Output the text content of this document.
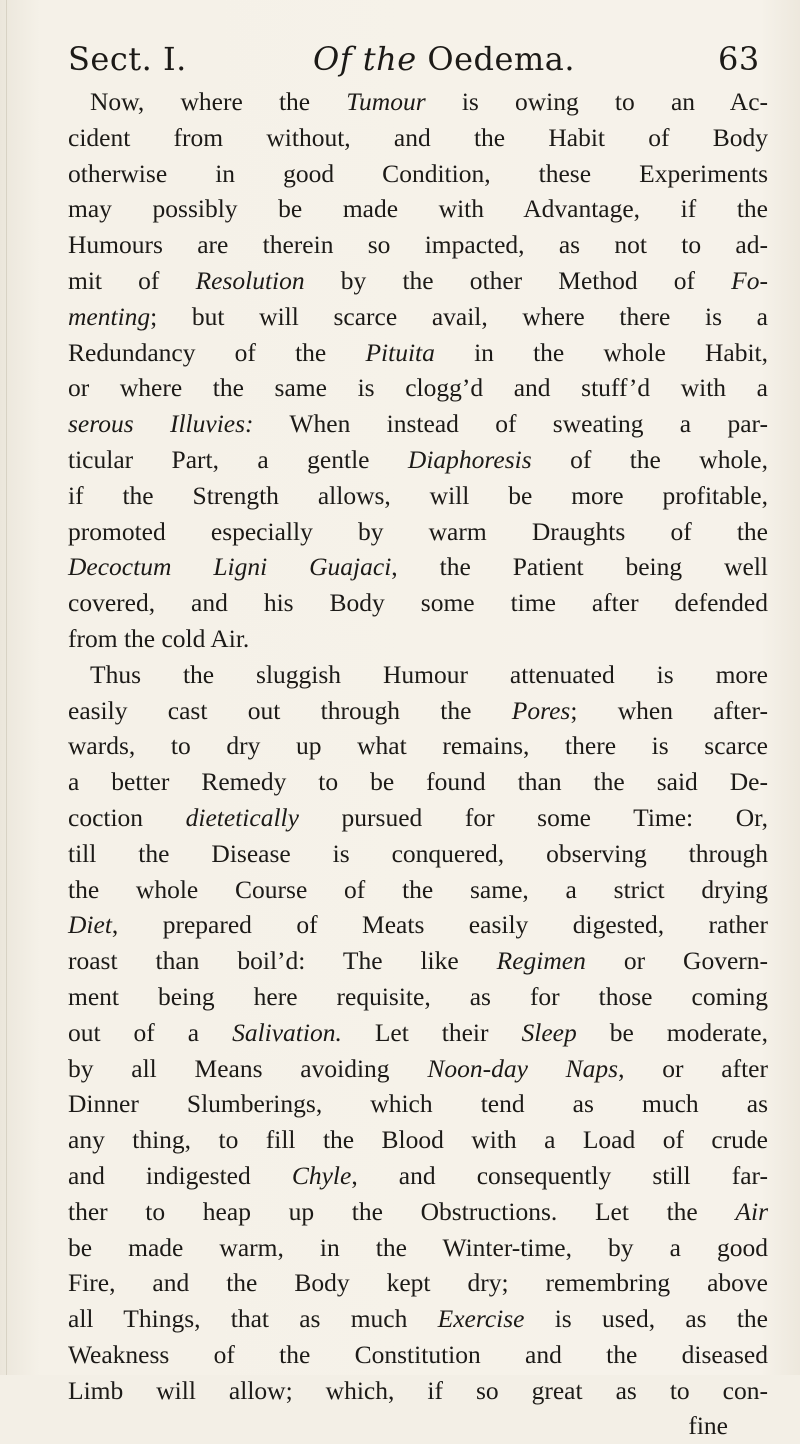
Sect. I.	Of the Oedema.	63
Now, where the Tumour is owing to an Ac-
cident from without, and the Habit of Body
otherwise in good Condition, these Experiments
may possibly be made with Advantage, if the
Humours are therein so impacted, as not to ad-
mit of Resolution by the other Method of Fo-
menting; but will scarce avail, where there is a
Redundancy of the Pituita in the whole Habit,
or where the same is clogg’d and stuff’d with a
serous Illuvies: When instead of sweating a par-
ticular Part, a gentle Diaphoresis of the whole,
if the Strength allows, will be more profitable,
promoted especially by warm Draughts of the
Decoctum Ligni Guajaci, the Patient being well
covered, and his Body some time after defended
from the cold Air.
Thus the sluggish Humour attenuated is more
easily cast out through the Pores; when after-
wards, to dry up what remains, there is scarce
a better Remedy to be found than the said De-
coction dietetically pursued for some Time: Or,
till the Disease is conquered, observing through
the whole Course of the same, a strict drying
Diet, prepared of Meats easily digested, rather
roast than boil’d: The like Regimen or Govern-
ment being here requisite, as for those coming
out of a Salivation. Let their Sleep be moderate,
by all Means avoiding Noon-day Naps, or after
Dinner Slumberings, which tend as much as
any thing, to fill the Blood with a Load of crude
and indigested Chyle, and consequently still far-
ther to heap up the Obstructions. Let the Air
be made warm, in the Winter-time, by a good
Fire, and the Body kept dry; remembring above
all Things, that as much Exercise is used, as the
Weakness of the Constitution and the diseased
Limb will allow; which, if so great as to con-
fine
